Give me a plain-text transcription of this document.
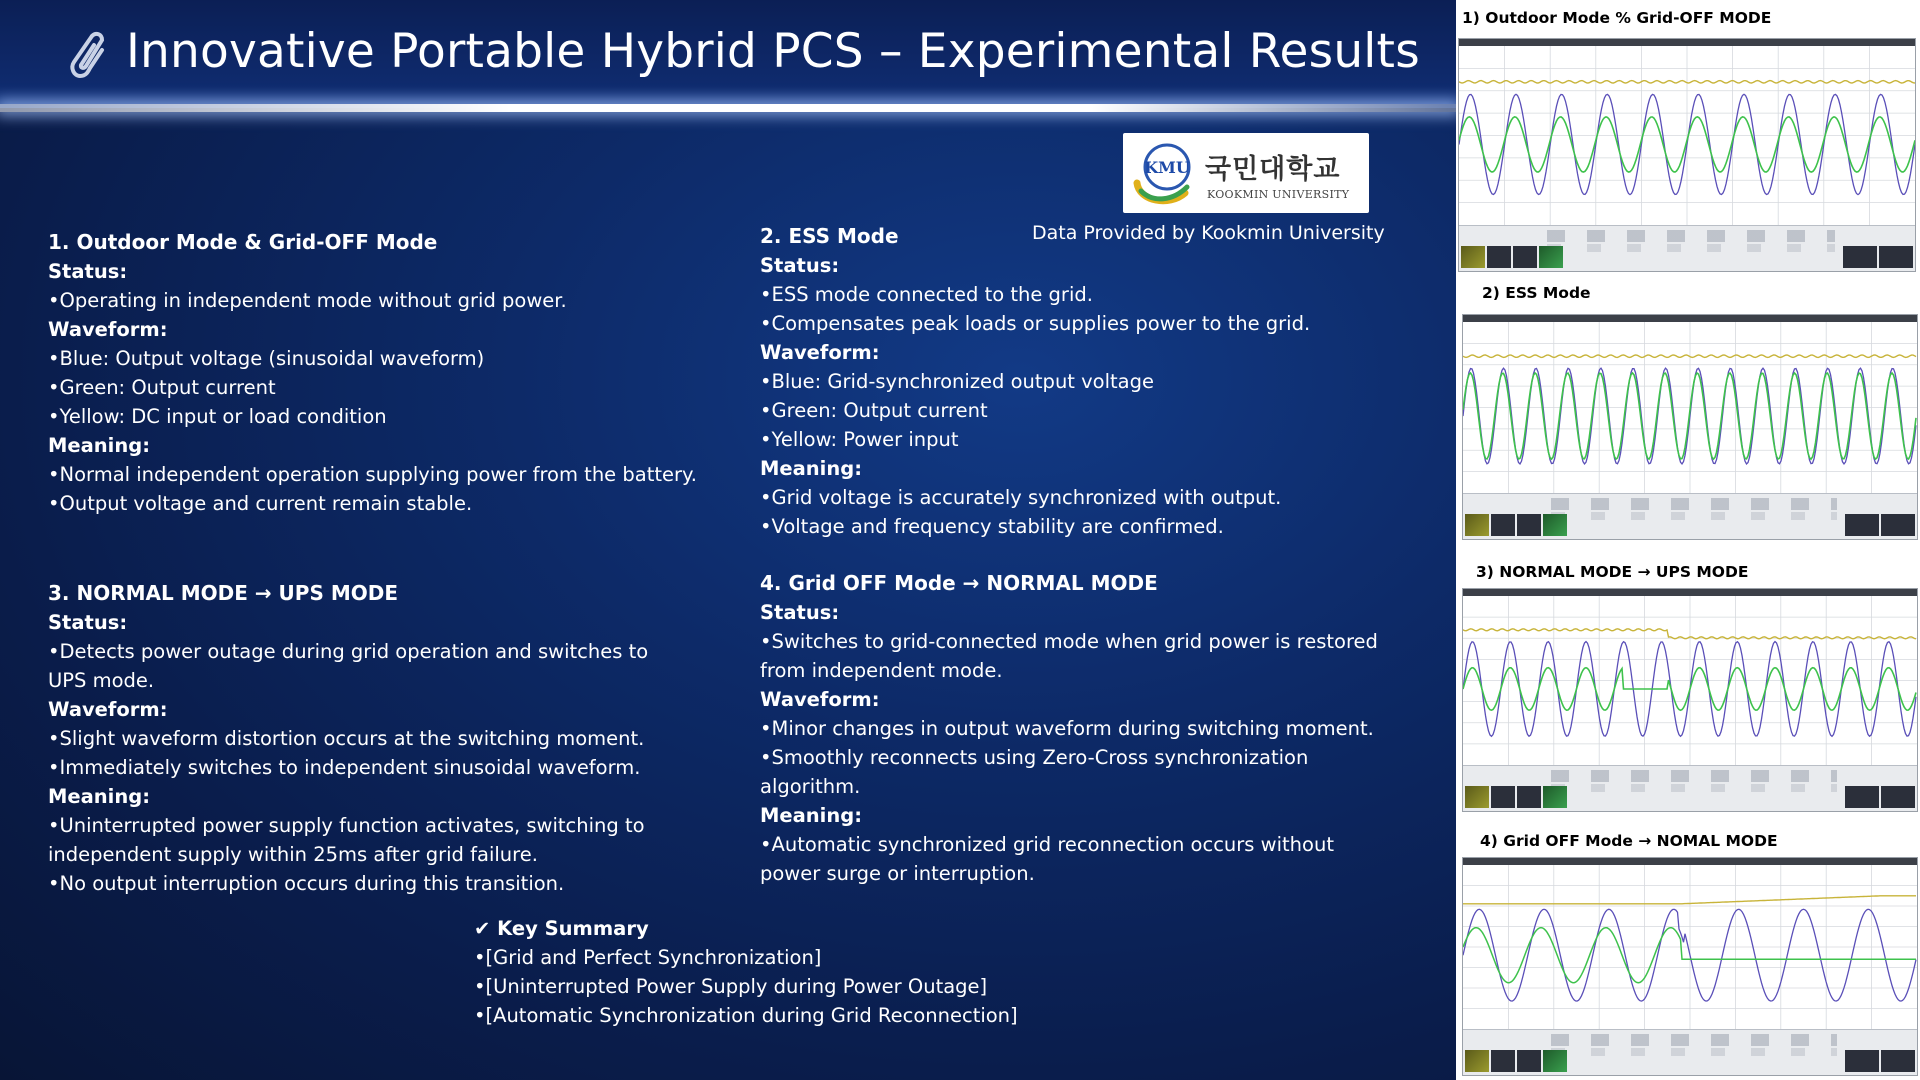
Innovative Portable Hybrid PCS – Experimental Results
KMU 국민대학교
KOOKMIN UNIVERSITY
Data Provided by Kookmin University
1. Outdoor Mode & Grid-OFF Mode
Status:
•Operating in independent mode without grid power.
Waveform:
•Blue: Output voltage (sinusoidal waveform)
•Green: Output current
•Yellow: DC input or load condition
Meaning:
•Normal independent operation supplying power from the battery.
•Output voltage and current remain stable.
2. ESS Mode
Status:
•ESS mode connected to the grid.
•Compensates peak loads or supplies power to the grid.
Waveform:
•Blue: Grid-synchronized output voltage
•Green: Output current
•Yellow: Power input
Meaning:
•Grid voltage is accurately synchronized with output.
•Voltage and frequency stability are confirmed.
3. NORMAL MODE → UPS MODE
Status:
•Detects power outage during grid operation and switches to UPS mode.
Waveform:
•Slight waveform distortion occurs at the switching moment.
•Immediately switches to independent sinusoidal waveform.
Meaning:
•Uninterrupted power supply function activates, switching to independent supply within 25ms after grid failure.
•No output interruption occurs during this transition.
4. Grid OFF Mode → NORMAL MODE
Status:
•Switches to grid-connected mode when grid power is restored from independent mode.
Waveform:
•Minor changes in output waveform during switching moment.
•Smoothly reconnects using Zero-Cross synchronization algorithm.
Meaning:
•Automatic synchronized grid reconnection occurs without power surge or interruption.
✔ Key Summary
•[Grid and Perfect Synchronization]
•[Uninterrupted Power Supply during Power Outage]
•[Automatic Synchronization during Grid Reconnection]
1) Outdoor Mode % Grid-OFF MODE
2) ESS Mode
3) NORMAL MODE → UPS MODE
4) Grid OFF Mode → NOMAL MODE
